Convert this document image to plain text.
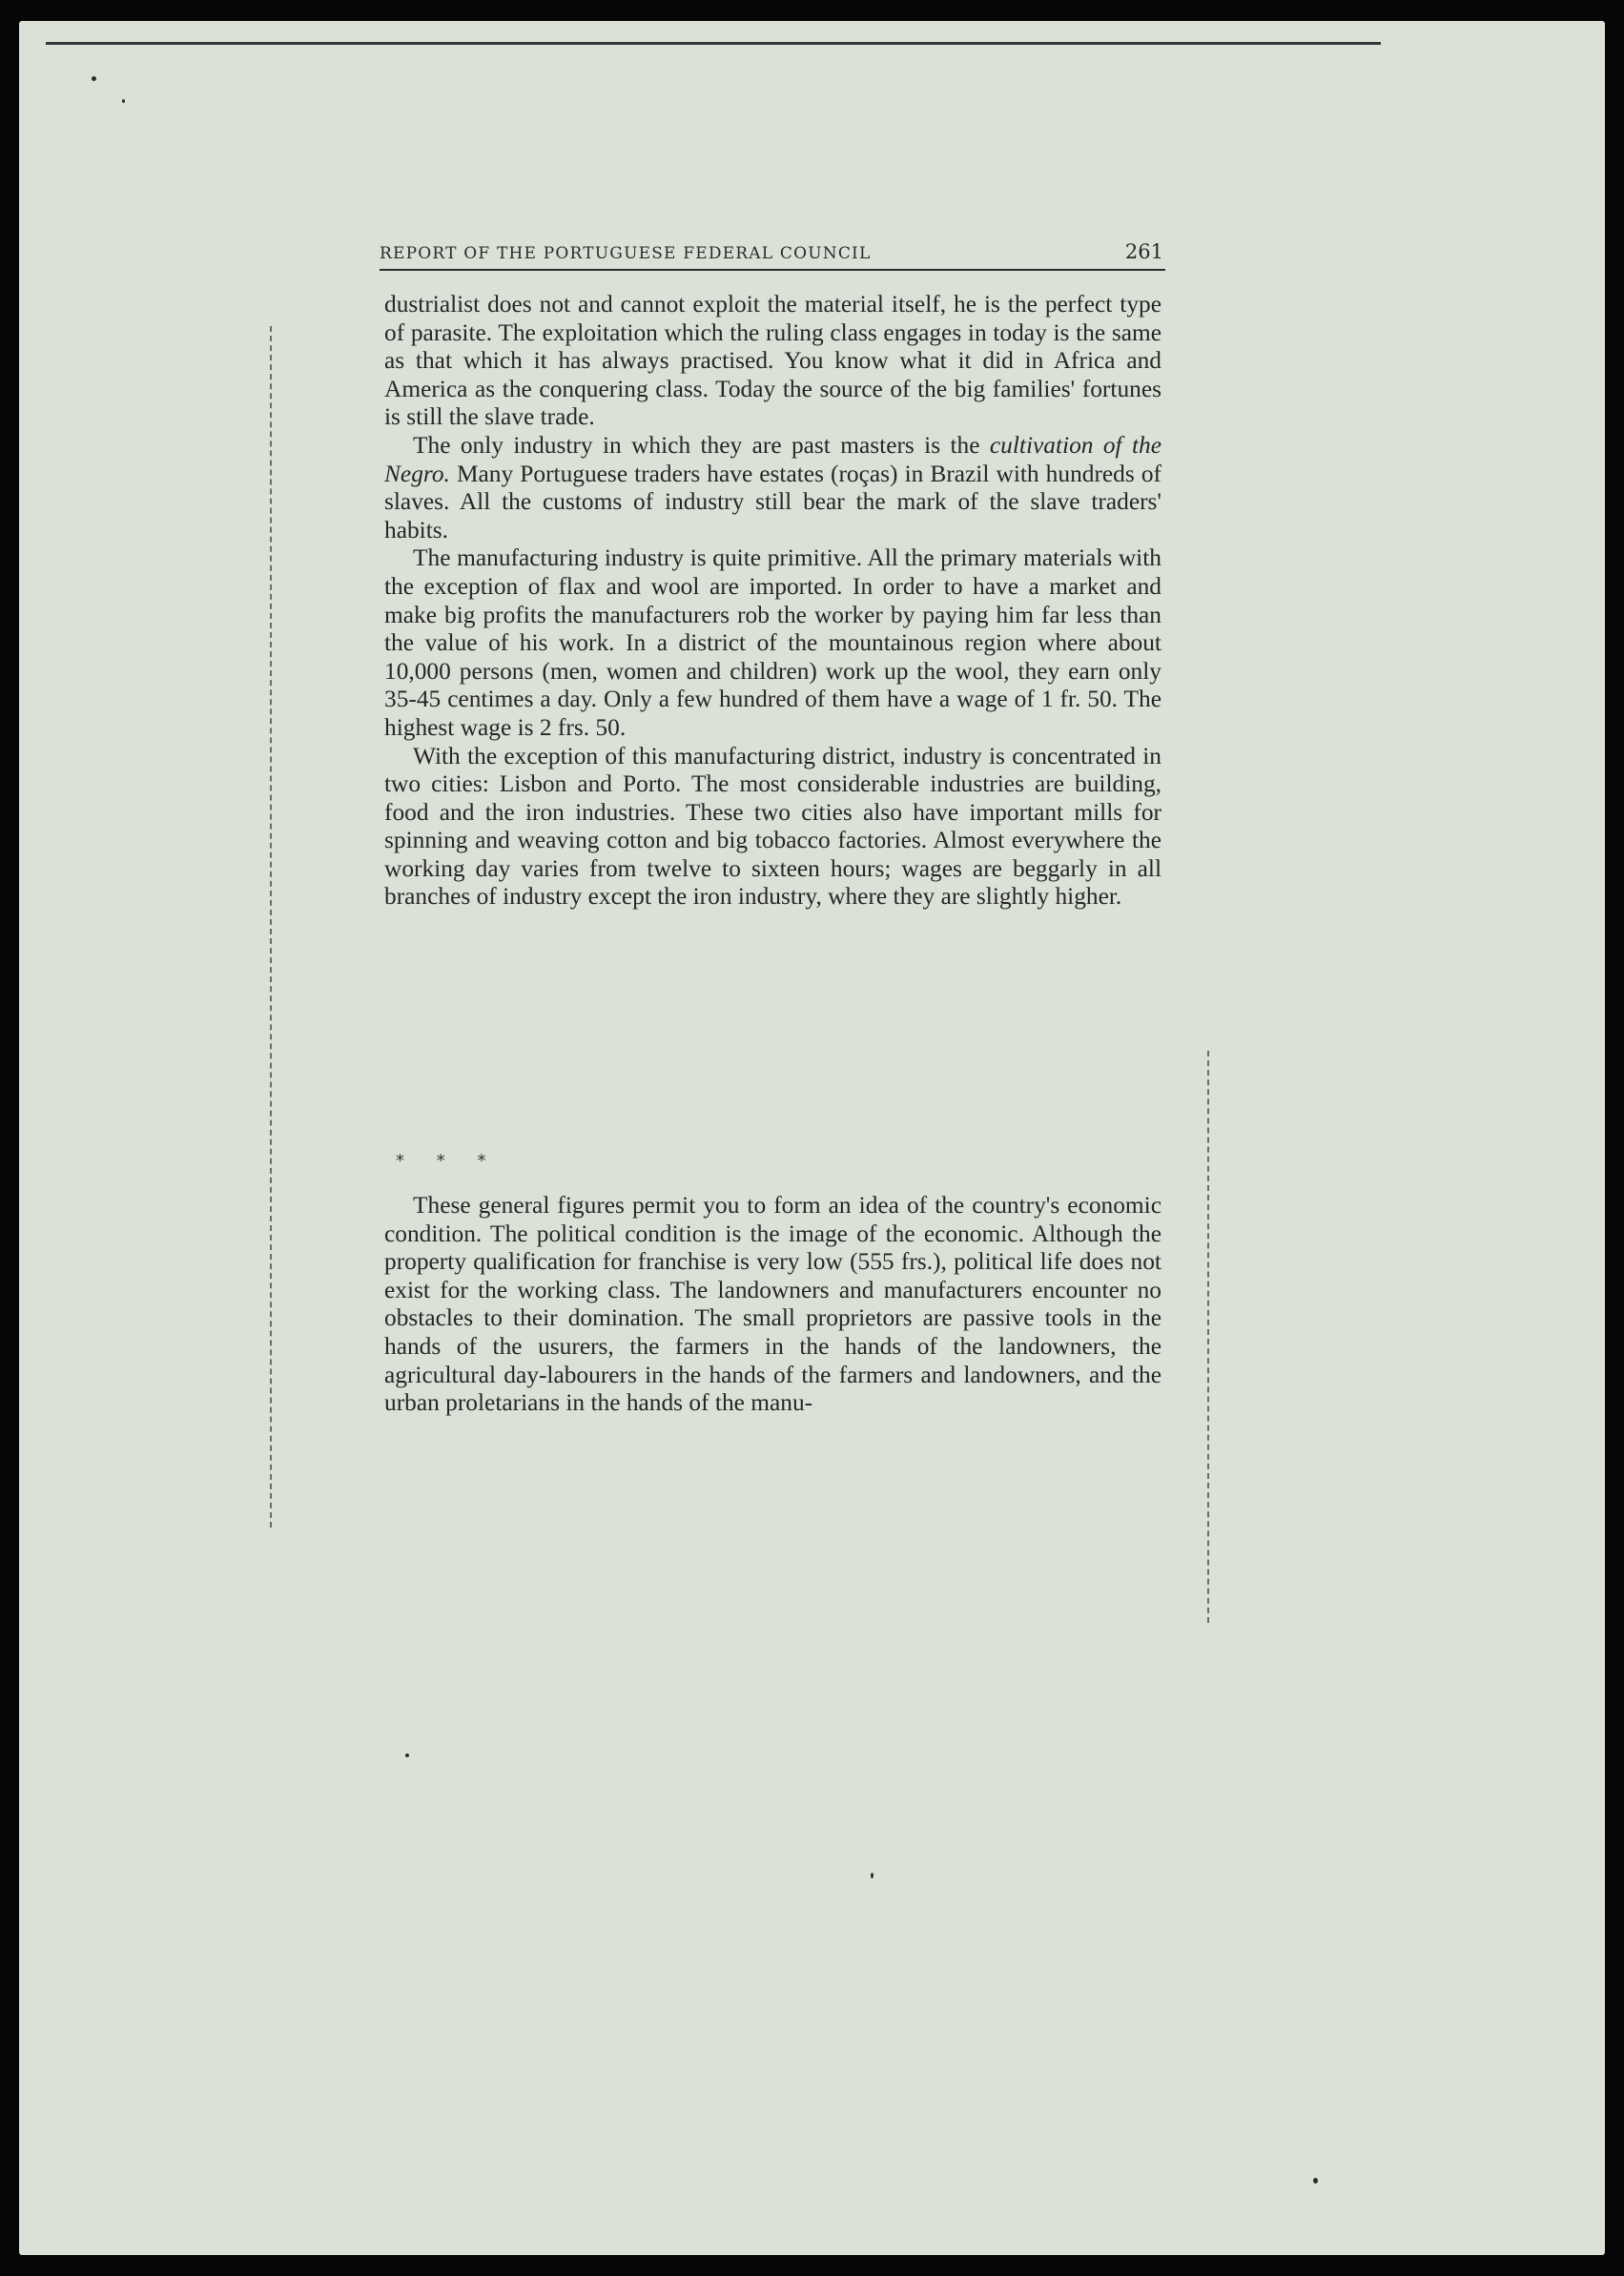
REPORT OF THE PORTUGUESE FEDERAL COUNCIL	261

dustrialist does not and cannot exploit the material itself, he is the perfect type of parasite. The exploitation which the ruling class engages in today is the same as that which it has always practised. You know what it did in Africa and America as the conquering class. Today the source of the big families' fortunes is still the slave trade.

The only industry in which they are past masters is the cultivation of the Negro. Many Portuguese traders have estates (roças) in Brazil with hundreds of slaves. All the customs of industry still bear the mark of the slave traders' habits.

The manufacturing industry is quite primitive. All the primary materials with the exception of flax and wool are imported. In order to have a market and make big profits the manufacturers rob the worker by paying him far less than the value of his work. In a district of the mountainous region where about 10,000 persons (men, women and children) work up the wool, they earn only 35-45 centimes a day. Only a few hundred of them have a wage of 1 fr. 50. The highest wage is 2 frs. 50.

With the exception of this manufacturing district, industry is concentrated in two cities: Lisbon and Porto. The most considerable industries are building, food and the iron industries. These two cities also have important mills for spinning and weaving cotton and big tobacco factories. Almost everywhere the working day varies from twelve to sixteen hours; wages are beggarly in all branches of industry except the iron industry, where they are slightly higher.

* * *

These general figures permit you to form an idea of the country's economic condition. The political condition is the image of the economic. Although the property qualification for franchise is very low (555 frs.), political life does not exist for the working class. The landowners and manufacturers encounter no obstacles to their domination. The small proprietors are passive tools in the hands of the usurers, the farmers in the hands of the landowners, the agricultural day-labourers in the hands of the farmers and landowners, and the urban proletarians in the hands of the manu-
